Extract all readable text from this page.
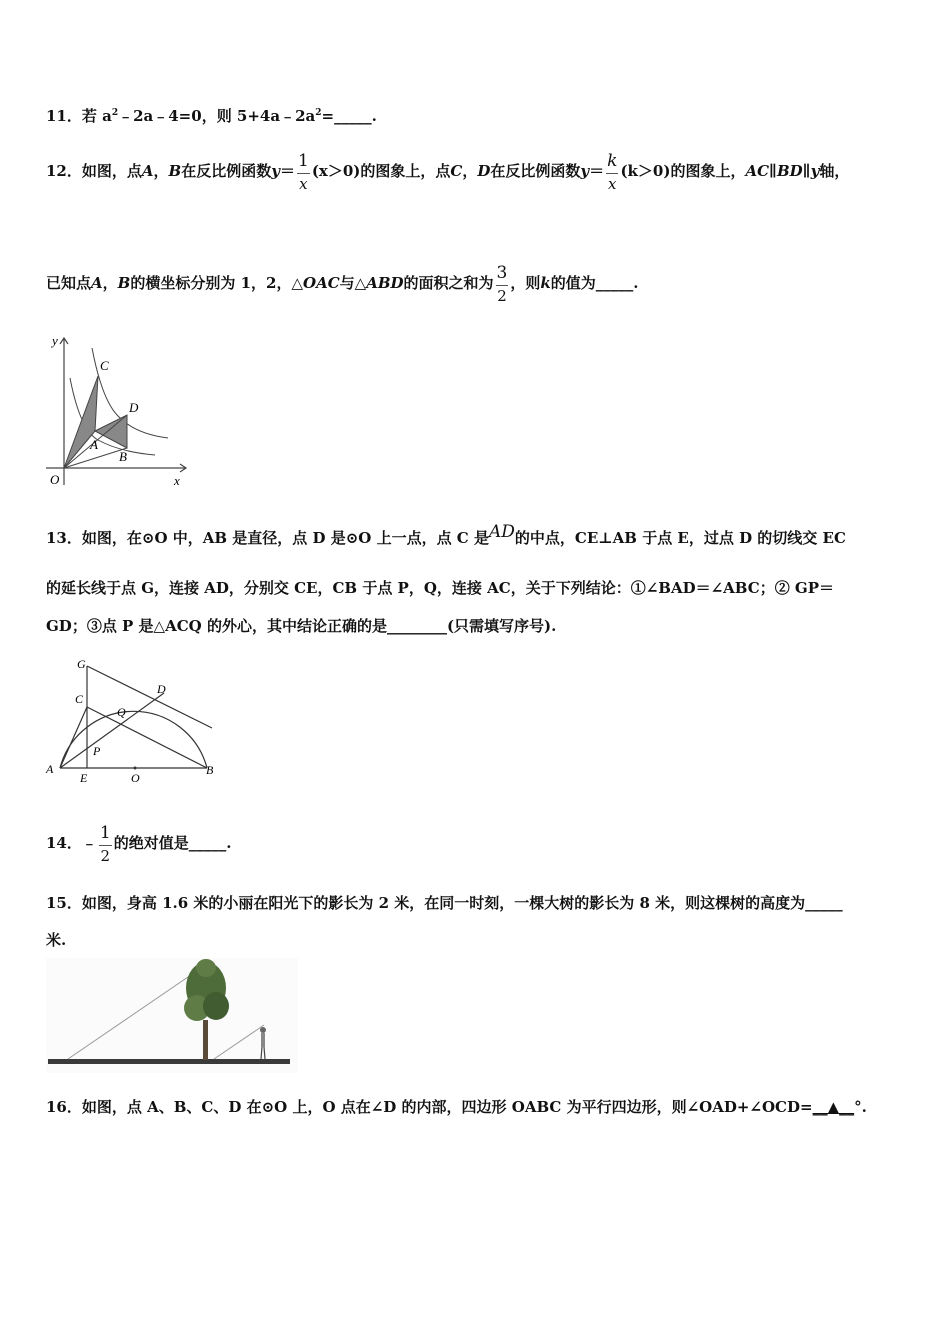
11．若 $a^2﹣2a﹣4=0$，则 $5+4a﹣2a^2=\_\_\_\_\_$.
12．如图，点A，B在反比例函数$y= \frac{1}{x} (x>0)$的图象上，点C，D在反比例函数$y= \frac{k}{x} (k>0)$的图象上，AC∥BD∥y轴，
已知点A，B的横坐标分别为 1，2，△OAC与△ABD的面积之和为 $\frac{3}{2}$ ，则k的值为_____.
y
x
O
C
D
A
B
13．如图，在⊙O 中，AB 是直径，点 D 是⊙O 上一点，点 C 是AD的中点，CE⊥AB 于点 E，过点 D 的切线交 EC
的延长线于点 G，连接 AD，分别交 CE，CB 于点 P，Q，连接 AC，关于下列结论：①∠BAD＝∠ABC；② GP＝
GD；③点 P 是△ACQ 的外心，其中结论正确的是________(只需填写序号).
G
C
D
Q
P
A
E	O
B
14．﹣ $\frac{1}{2}$ 的绝对值是_____.
15．如图，身高 1.6 米的小丽在阳光下的影长为 2 米，在同一时刻，一棵大树的影长为 8 米，则这棵树的高度为_____
米.
16．如图，点 A、B、C、D 在⊙O 上，O 点在∠D 的内部，四边形 OABC 为平行四边形，则∠OAD+∠OCD=__▲__°.
